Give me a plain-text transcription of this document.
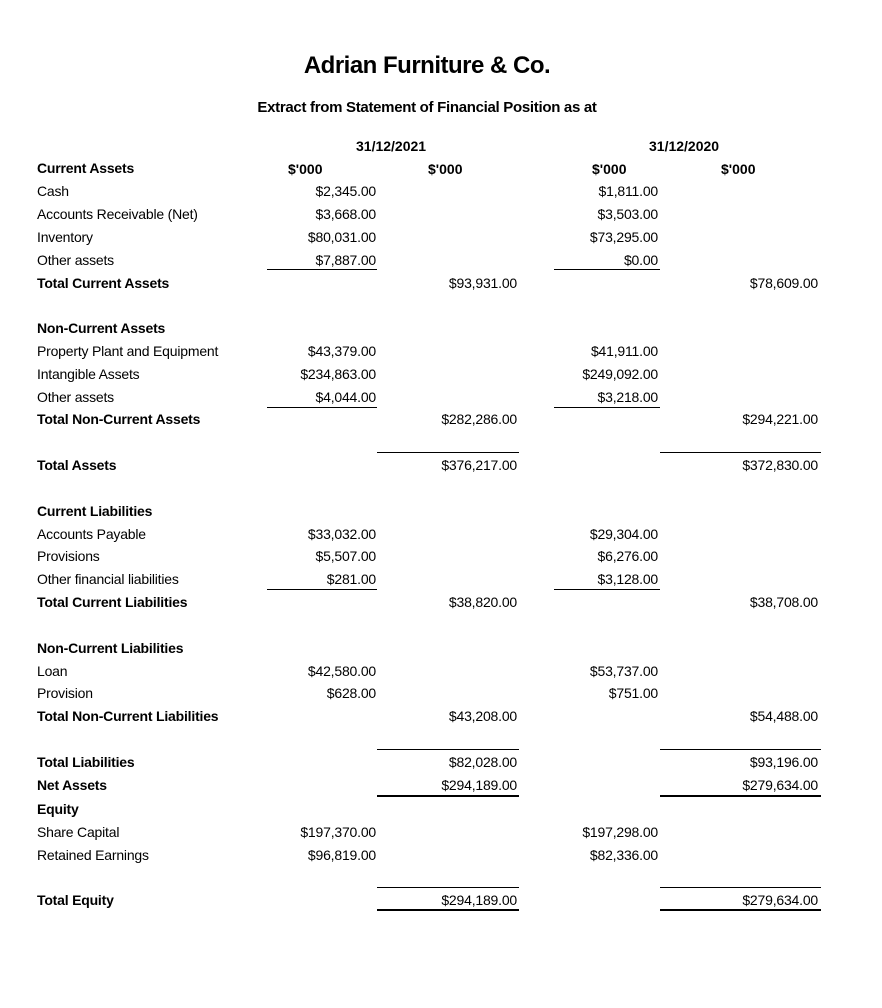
Adrian Furniture & Co.
Extract from Statement of Financial Position as at
31/12/2021	31/12/2020
$'000	$'000	$'000	$'000
Current Assets
Cash	$2,345.00	$1,811.00
Accounts Receivable (Net)	$3,668.00	$3,503.00
Inventory	$80,031.00	$73,295.00
Other assets	$7,887.00	$0.00
Total Current Assets	$93,931.00	$78,609.00
Non-Current Assets
Property Plant and Equipment	$43,379.00	$41,911.00
Intangible Assets	$234,863.00	$249,092.00
Other assets	$4,044.00	$3,218.00
Total Non-Current Assets	$282,286.00	$294,221.00
Total Assets	$376,217.00	$372,830.00
Current Liabilities
Accounts Payable	$33,032.00	$29,304.00
Provisions	$5,507.00	$6,276.00
Other financial liabilities	$281.00	$3,128.00
Total Current Liabilities	$38,820.00	$38,708.00
Non-Current Liabilities
Loan	$42,580.00	$53,737.00
Provision	$628.00	$751.00
Total Non-Current Liabilities	$43,208.00	$54,488.00
Total Liabilities	$82,028.00	$93,196.00
Net Assets	$294,189.00	$279,634.00
Equity
Share Capital	$197,370.00	$197,298.00
Retained Earnings	$96,819.00	$82,336.00
Total Equity	$294,189.00	$279,634.00
